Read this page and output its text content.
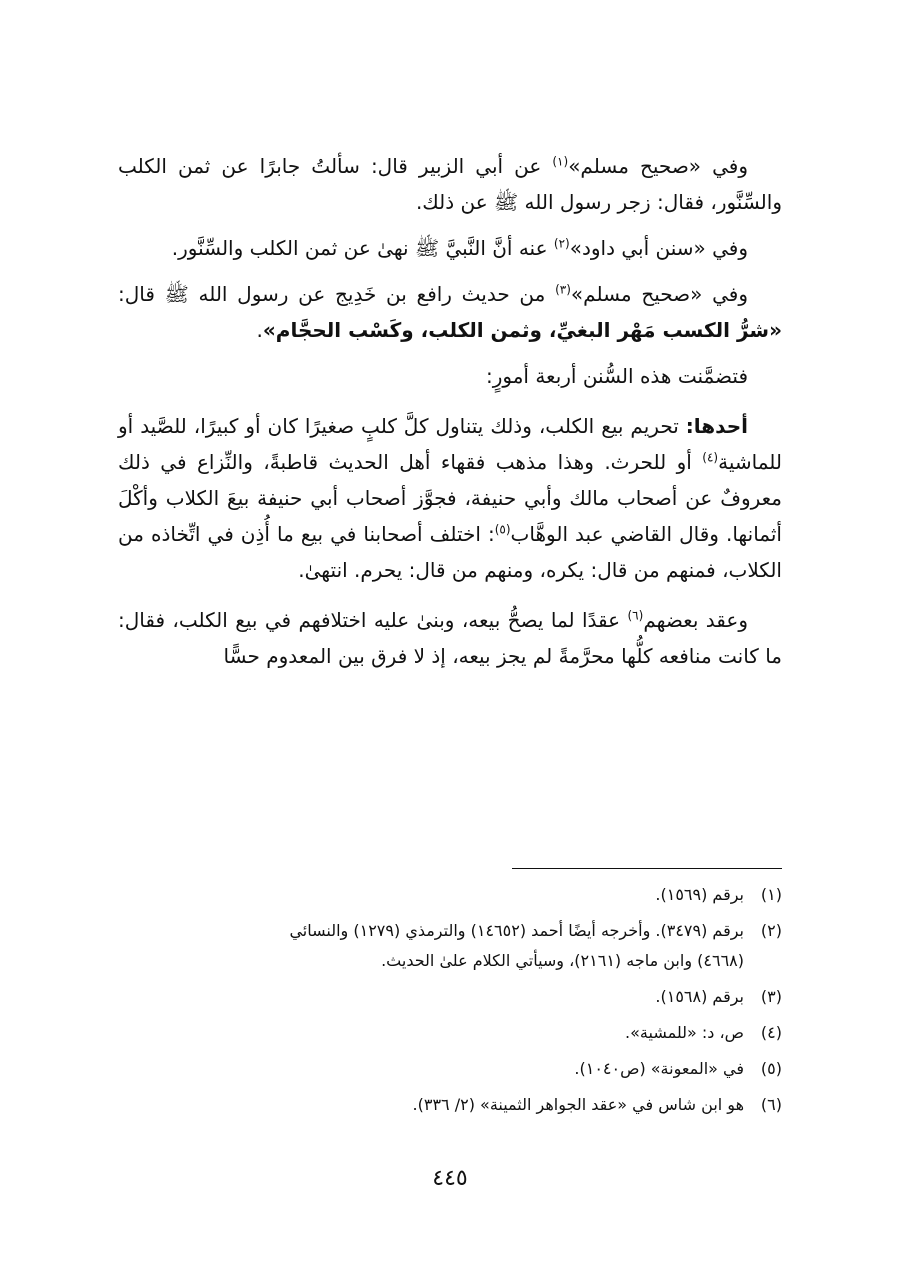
وفي «صحيح مسلم»$^{(١)}$ عن أبي الزبير قال: سألتُ جابرًا عن ثمن الكلب والسِّنَّور، فقال: زجر رسول الله ﷺ عن ذلك.

وفي «سنن أبي داود»$^{(٢)}$ عنه أنَّ النَّبيَّ ﷺ نهىٰ عن ثمن الكلب والسِّنَّور.

وفي «صحيح مسلم»$^{(٣)}$ من حديث رافع بن خَدِيج عن رسول الله ﷺ قال: «شرُّ الكسب مَهْر البغيِّ، وثمن الكلب، وكَسْب الحجَّام».

فتضمَّنت هذه السُّنن أربعة أمورٍ:

أحدها: تحريم بيع الكلب، وذلك يتناول كلَّ كلبٍ صغيرًا كان أو كبيرًا، للصَّيد أو للماشية$^{(٤)}$ أو للحرث. وهذا مذهب فقهاء أهل الحديث قاطبةً، والنِّزاع في ذلك معروفٌ عن أصحاب مالك وأبي حنيفة، فجوَّز أصحاب أبي حنيفة بيعَ الكلاب وأكْلَ أثمانها. وقال القاضي عبد الوهَّاب$^{(٥)}$: اختلف أصحابنا في بيع ما أُذِن في اتِّخاذه من الكلاب، فمنهم من قال: يكره، ومنهم من قال: يحرم. انتهىٰ.

وعقد بعضهم$^{(٦)}$ عقدًا لما يصحُّ بيعه، وبنىٰ عليه اختلافهم في بيع الكلب، فقال: ما كانت منافعه كلُّها محرَّمةً لم يجز بيعه، إذ لا فرق بين المعدوم حسًّا

(١)برقم (١٥٦٩).

(٢)برقم (٣٤٧٩). وأخرجه أيضًا أحمد (١٤٦٥٢) والترمذي (١٢٧٩) والنسائي
(٤٦٦٨) وابن ماجه (٢١٦١)، وسيأتي الكلام علىٰ الحديث.

(٣)برقم (١٥٦٨).

(٤)ص، د: «للمشية».

(٥)في «المعونة» (ص١٠٤٠).

(٦)هو ابن شاس في «عقد الجواهر الثمينة» (٢/ ٣٣٦).

٤٤٥
